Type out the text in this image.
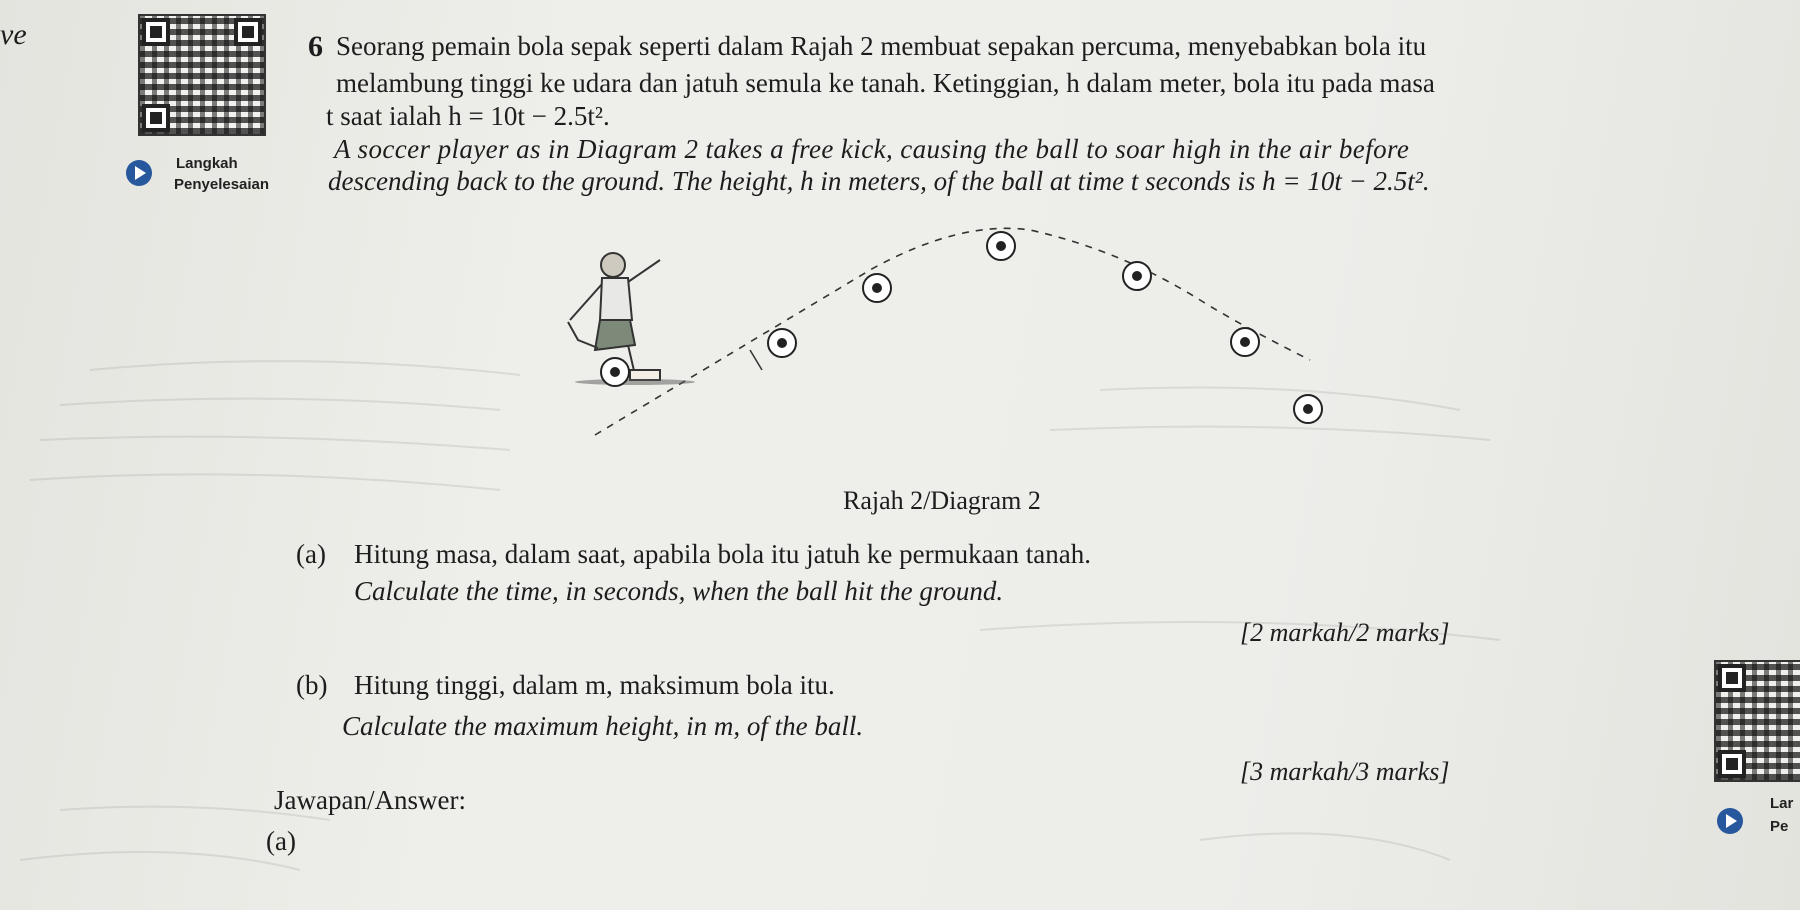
ve
Langkah
Penyelesaian
6 Seorang pemain bola sepak seperti dalam Rajah 2 membuat sepakan percuma, menyebabkan bola itu
melambung tinggi ke udara dan jatuh semula ke tanah. Ketinggian, h dalam meter, bola itu pada masa
t saat ialah h = 10t − 2.5t².
A soccer player as in Diagram 2 takes a free kick, causing the ball to soar high in the air before
descending back to the ground. The height, h in meters, of the ball at time t seconds is h = 10t − 2.5t².
Rajah 2/Diagram 2
(a) Hitung masa, dalam saat, apabila bola itu jatuh ke permukaan tanah.
Calculate the time, in seconds, when the ball hit the ground.
[2 markah/2 marks]
(b) Hitung tinggi, dalam m, maksimum bola itu.
Calculate the maximum height, in m, of the ball.
[3 markah/3 marks]
Jawapan/Answer:
(a)
Lar
Pe
